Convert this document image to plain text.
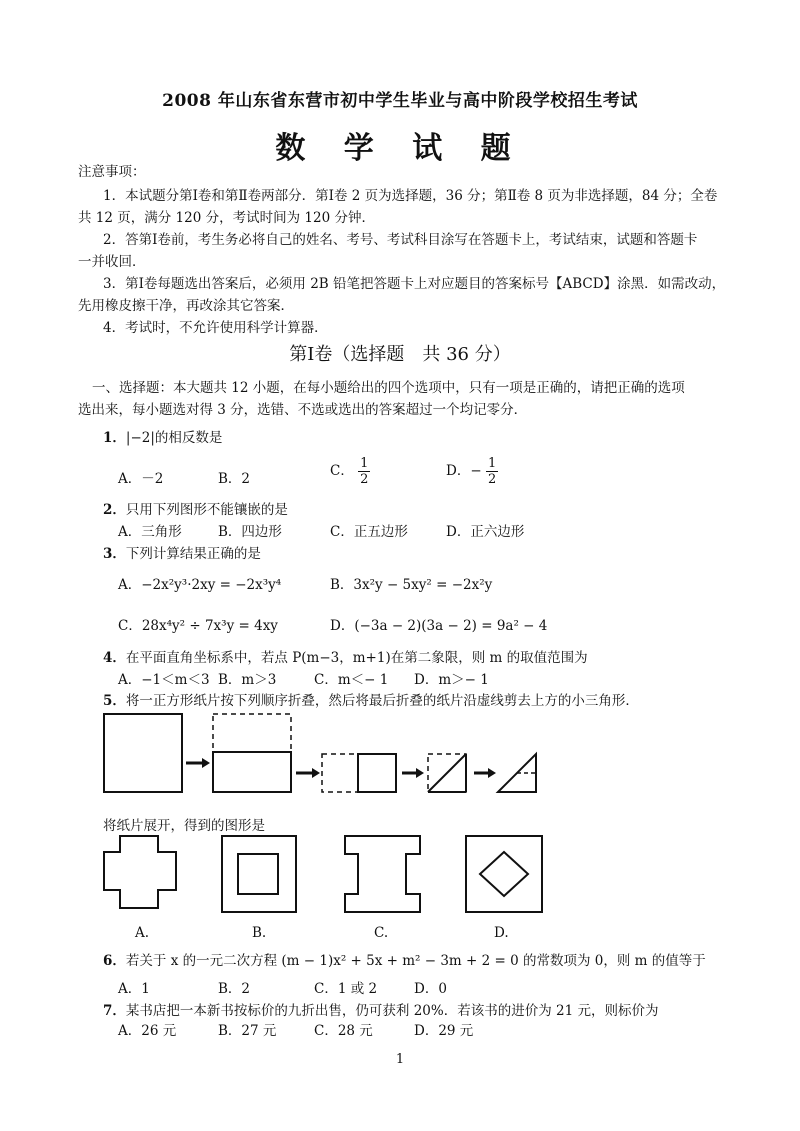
2008 年山东省东营市初中学生毕业与高中阶段学校招生考试
数 学 试 题
注意事项：
1．本试题分第Ⅰ卷和第Ⅱ卷两部分．第Ⅰ卷 2 页为选择题，36 分；第Ⅱ卷 8 页为非选择题，84 分；全卷
共 12 页，满分 120 分，考试时间为 120 分钟．
2．答第Ⅰ卷前，考生务必将自己的姓名、考号、考试科目涂写在答题卡上，考试结束，试题和答题卡
一并收回．
3．第Ⅰ卷每题选出答案后，必须用 2B 铅笔把答题卡上对应题目的答案标号【ABCD】涂黑．如需改动，
先用橡皮擦干净，再改涂其它答案．
4．考试时，不允许使用科学计算器．
第Ⅰ卷（选择题　共 36 分）
一、选择题：本大题共 12 小题，在每小题给出的四个选项中，只有一项是正确的，请把正确的选项
选出来，每小题选对得 3 分，选错、不选或选出的答案超过一个均记零分．
1．|−2|的相反数是
A．－2	B．2	C． $\frac{1}{2}$	D．− $\frac{1}{2}$
2．只用下列图形不能镶嵌的是
A．三角形	B．四边形	C．正五边形	D．正六边形
3．下列计算结果正确的是
A．−2x²y³·2xy = −2x³y⁴	B．3x²y − 5xy² = −2x²y
C．28x⁴y² ÷ 7x³y = 4xy	D．(−3a − 2)(3a − 2) = 9a² − 4
4．在平面直角坐标系中，若点 P(m−3，m+1)在第二象限，则 m 的取值范围为
A．−1＜m＜3 B．m＞3	C．m＜− 1 D．m＞− 1
5．将一正方形纸片按下列顺序折叠，然后将最后折叠的纸片沿虚线剪去上方的小三角形．
将纸片展开，得到的图形是
A.	B.	C.	D.
6．若关于 x 的一元二次方程 (m − 1)x² + 5x + m² − 3m + 2 = 0 的常数项为 0，则 m 的值等于
A．1	B．2	C．1 或 2	D．0
7．某书店把一本新书按标价的九折出售，仍可获利 20%．若该书的进价为 21 元，则标价为
A．26 元	B．27 元	C．28 元	D．29 元
1
